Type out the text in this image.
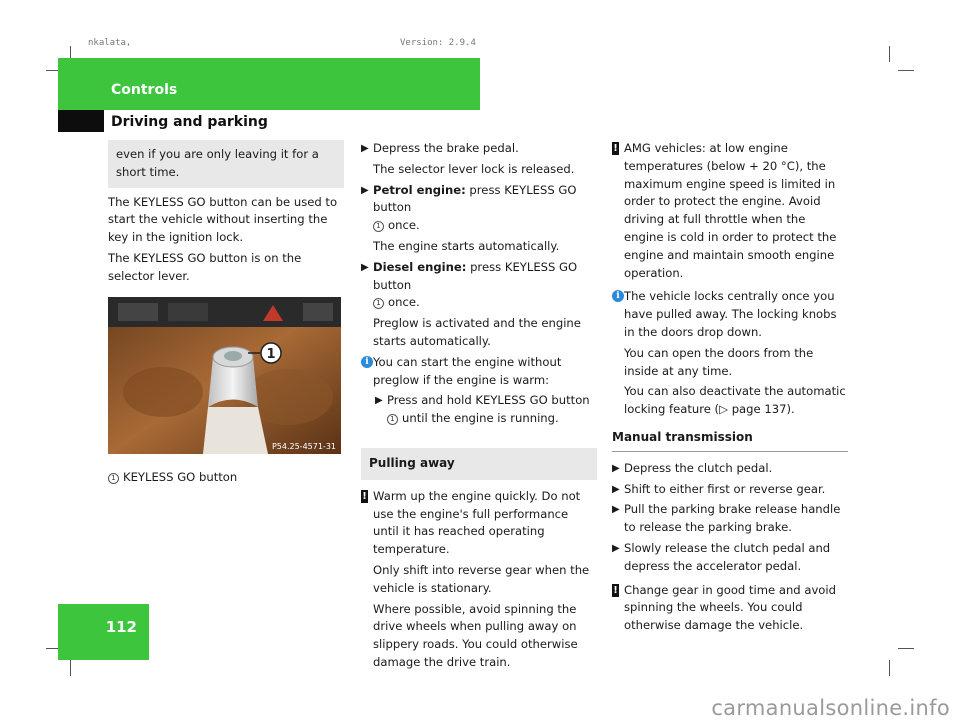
nkalata,	Version: 2.9.4
Controls
Driving and parking
even if you are only leaving it for a short time.

The KEYLESS GO button can be used to start the vehicle without inserting the key in the ignition lock.

The KEYLESS GO button is on the selector lever.

1
P54.25-4571-31

1 KEYLESS GO button

▶ Depress the brake pedal.

The selector lever lock is released.

▶ Petrol engine: press KEYLESS GO button
1 once.

The engine starts automatically.

▶ Diesel engine: press KEYLESS GO button
1 once.

Preglow is activated and the engine starts automatically.

i You can start the engine without preglow if the engine is warm:
▶ Press and hold KEYLESS GO button
1 until the engine is running.
Pulling away
! Warm up the engine quickly. Do not use the engine's full performance until it has reached operating temperature.

Only shift into reverse gear when the vehicle is stationary.

Where possible, avoid spinning the drive wheels when pulling away on slippery roads. You could otherwise damage the drive train.

! AMG vehicles: at low engine temperatures (below + 20 °C), the maximum engine speed is limited in order to protect the engine. Avoid driving at full throttle when the engine is cold in order to protect the engine and maintain smooth engine operation.
i The vehicle locks centrally once you have pulled away. The locking knobs in the doors drop down.

You can open the doors from the inside at any time.

You can also deactivate the automatic locking feature (▷ page 137).

Manual transmission
▶ Depress the clutch pedal.
▶ Shift to either first or reverse gear.
▶ Pull the parking brake release handle to release the parking brake.
▶ Slowly release the clutch pedal and depress the accelerator pedal.
! Change gear in good time and avoid spinning the wheels. You could otherwise damage the vehicle.
112
carmanualsonline.info
